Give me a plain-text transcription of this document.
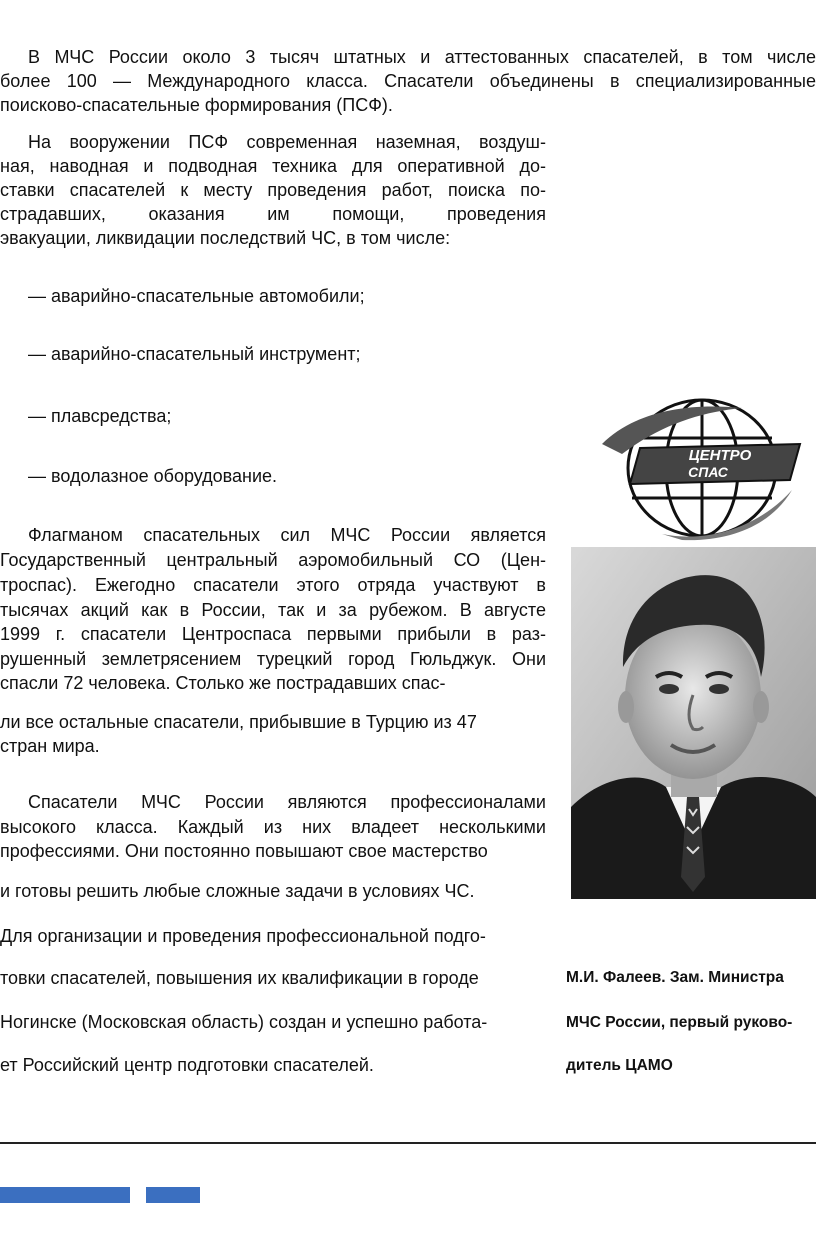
В МЧС России около 3 тысяч штатных и аттестованных спасателей, в том числе
более 100 — Международного класса. Спасатели объединены в специализированные
поисково-спасательные формирования (ПСФ).
На вооружении ПСФ современная наземная, воздуш-
ная, наводная и подводная техника для оперативной до-
ставки спасателей к месту проведения работ, поиска по-
страдавших, оказания им помощи, проведения
эвакуации, ликвидации последствий ЧС, в том числе:
— аварийно-спасательные автомобили;
— аварийно-спасательный инструмент;
— плавсредства;
— водолазное оборудование.
Флагманом спасательных сил МЧС России является
Государственный центральный аэромобильный СО (Цен-
троспас). Ежегодно спасатели этого отряда участвуют в
тысячах акций как в России, так и за рубежом. В августе
1999 г. спасатели Центроспаса первыми прибыли в раз-
рушенный землетрясением турецкий город Гюльджук. Они
спасли 72 человека. Столько же пострадавших спас-
ли все остальные спасатели, прибывшие в Турцию из 47
стран мира.
Спасатели МЧС России являются профессионалами
высокого класса. Каждый из них владеет несколькими
профессиями. Они постоянно повышают свое мастерство
и готовы решить любые сложные задачи в условиях ЧС.
Для организации и проведения профессиональной подго-
товки спасателей, повышения их квалификации в городе
Ногинске (Московская область) создан и успешно работа-
ет Российский центр подготовки спасателей.
ЦЕНТРО
СПАС
М.И. Фалеев. Зам. Министра
МЧС России, первый руково-
дитель ЦАМО
